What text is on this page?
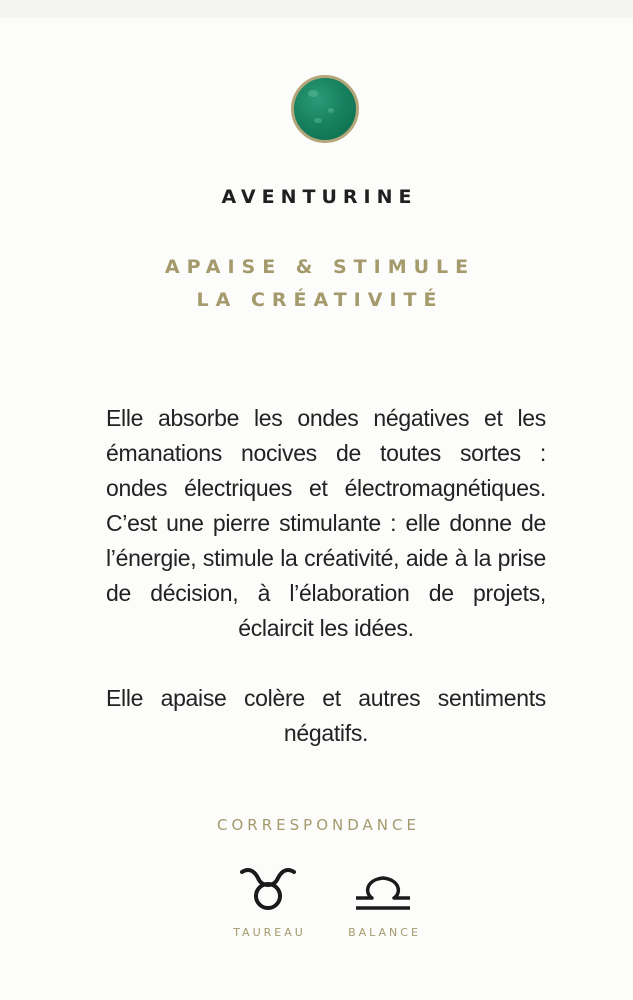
AVENTURINE
APAISE & STIMULE
LA CRÉATIVITÉ

Elle absorbe les ondes négatives et les émanations nocives de toutes sortes : ondes électriques et électromagnétiques. C’est une pierre stimulante : elle donne de l’énergie, stimule la créativité, aide à la prise de décision, à l’élaboration de projets, éclaircit les idées.

Elle apaise colère et autres sentiments négatifs.

CORRESPONDANCE
TAUREAU	BALANCE
